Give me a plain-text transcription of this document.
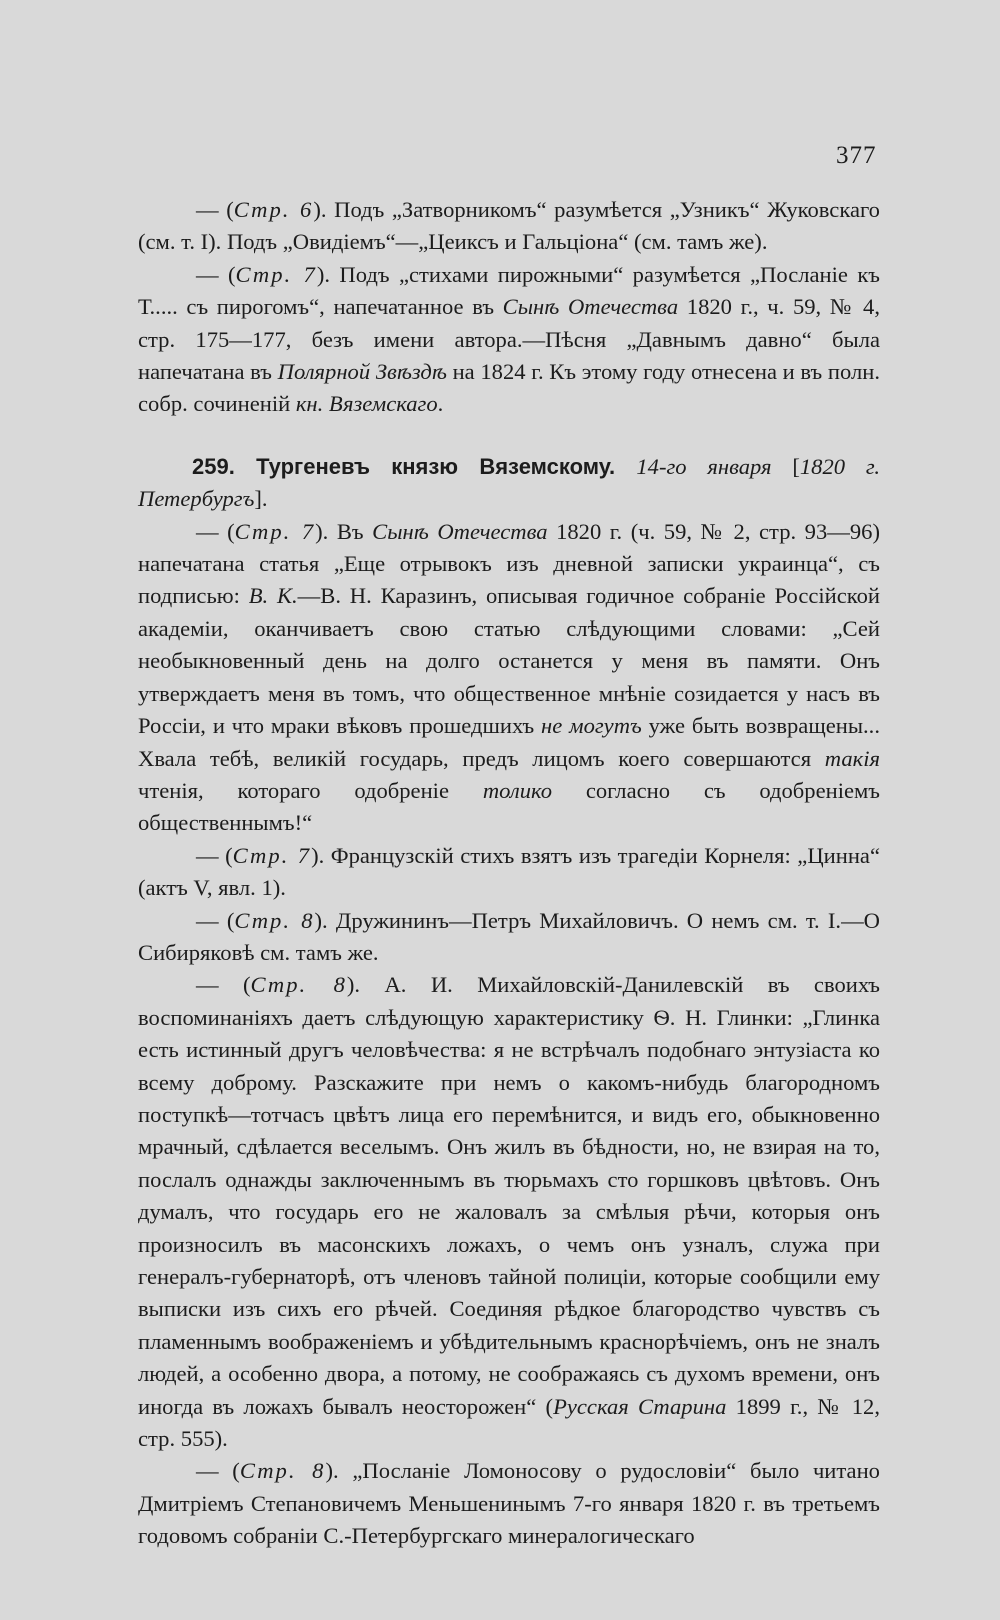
377

— (Стр. 6). Подъ „Затворникомъ“ разумѣется „Узникъ“ Жуковскаго (см. т. I). Подъ „Овидіемъ“—„Цеиксъ и Гальціона“ (см. тамъ же).

— (Стр. 7). Подъ „стихами пирожными“ разумѣется „Посланіе къ Т..... съ пирогомъ“, напечатанное въ Сынѣ Отечества 1820 г., ч. 59, № 4, стр. 175—177, безъ имени автора.—Пѣсня „Давнымъ давно“ была напечатана въ Полярной Звѣздѣ на 1824 г. Къ этому году отнесена и въ полн. собр. сочиненій кн. Вяземскаго.

259. Тургеневъ князю Вяземскому. 14-го января [1820 г. Петербургъ].

— (Стр. 7). Въ Сынѣ Отечества 1820 г. (ч. 59, № 2, стр. 93—96) напечатана статья „Еще отрывокъ изъ дневной записки украинца“, съ подписью: В. К.—В. Н. Каразинъ, описывая годичное собраніе Россійской академіи, оканчиваетъ свою статью слѣдующими словами: „Сей необыкновенный день на долго останется у меня въ памяти. Онъ утверждаетъ меня въ томъ, что общественное мнѣніе созидается у насъ въ Россіи, и что мраки вѣковъ прошедшихъ не могутъ уже быть возвращены... Хвала тебѣ, великій государь, предъ лицомъ коего совершаются такія чтенія, котораго одобреніе толико согласно съ одобреніемъ общественнымъ!“

— (Стр. 7). Французскій стихъ взятъ изъ трагедіи Корнеля: „Цинна“ (актъ V, явл. 1).

— (Стр. 8). Дружининъ—Петръ Михайловичъ. О немъ см. т. I.—О Сибиряковѣ см. тамъ же.

— (Стр. 8). А. И. Михайловскій-Данилевскій въ своихъ воспоминаніяхъ даетъ слѣдующую характеристику Ѳ. Н. Глинки: „Глинка есть истинный другъ человѣчества: я не встрѣчалъ подобнаго энтузіаста ко всему доброму. Разскажите при немъ о какомъ-нибудь благородномъ поступкѣ—тотчасъ цвѣтъ лица его перемѣнится, и видъ его, обыкновенно мрачный, сдѣлается веселымъ. Онъ жилъ въ бѣдности, но, не взирая на то, послалъ однажды заключеннымъ въ тюрьмахъ сто горшковъ цвѣтовъ. Онъ думалъ, что государь его не жаловалъ за смѣлыя рѣчи, которыя онъ произносилъ въ масонскихъ ложахъ, о чемъ онъ узналъ, служа при генералъ-губернаторѣ, отъ членовъ тайной полиціи, которые сообщили ему выписки изъ сихъ его рѣчей. Соединяя рѣдкое благородство чувствъ съ пламеннымъ воображеніемъ и убѣдительнымъ краснорѣчіемъ, онъ не зналъ людей, а особенно двора, а потому, не соображаясь съ духомъ времени, онъ иногда въ ложахъ бывалъ неосторожен“ (Русская Старина 1899 г., № 12, стр. 555).

— (Стр. 8). „Посланіе Ломоносову о рудословіи“ было читано Дмитріемъ Степановичемъ Меньшенинымъ 7-го января 1820 г. въ третьемъ годовомъ собраніи С.-Петербургскаго минералогическаго
